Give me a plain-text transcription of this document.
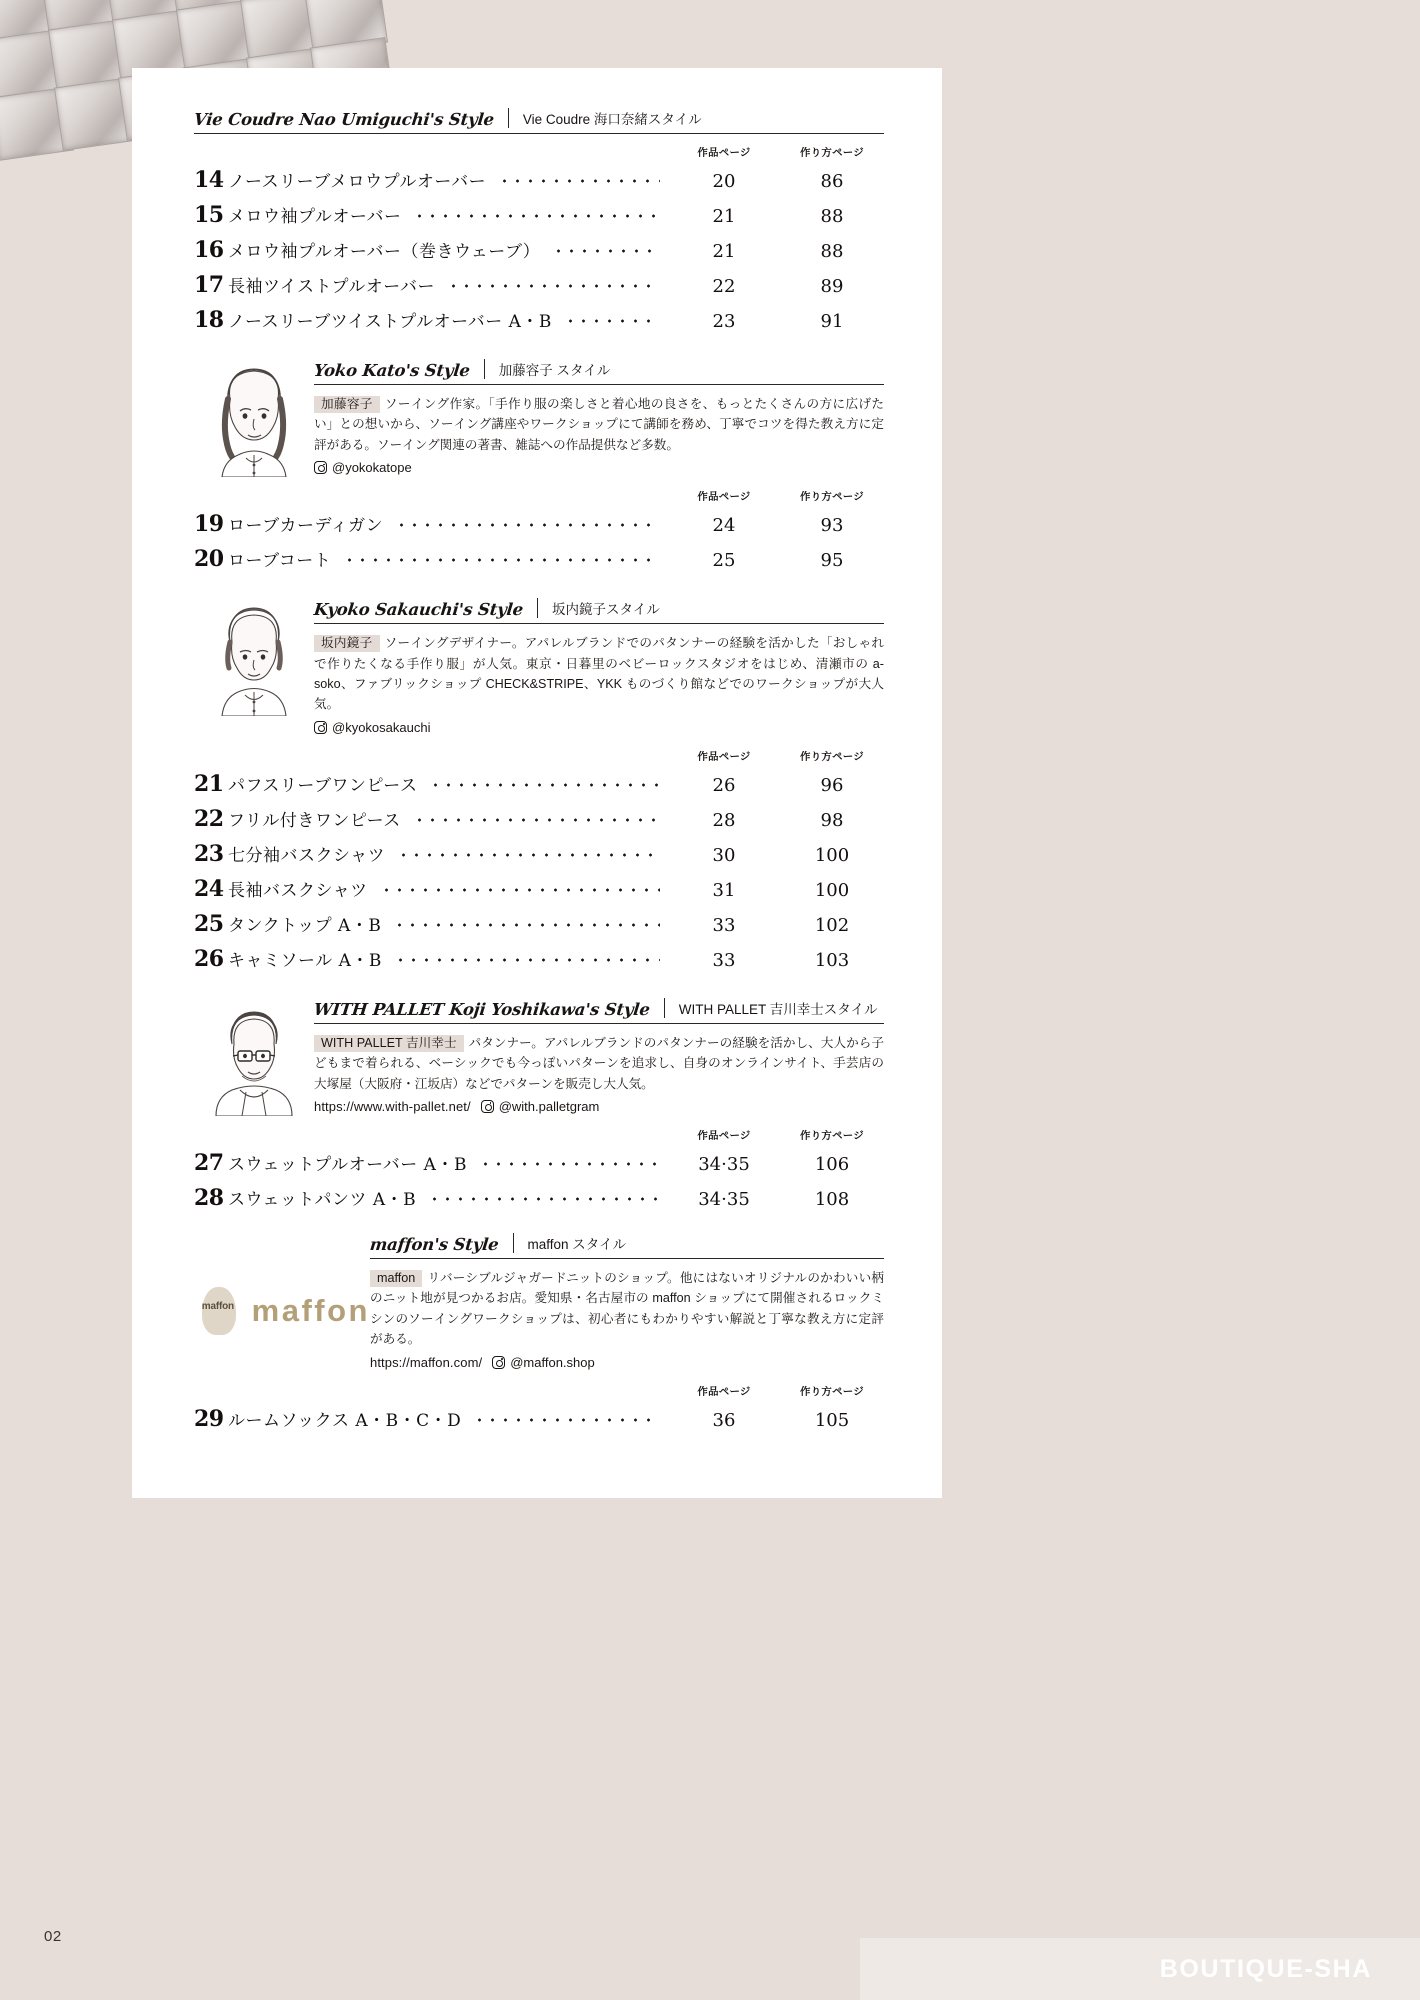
Vie Coudre Nao Umiguchi's Style Vie Coudre 海口奈緒スタイル
作品ページ	作り方ページ
14 ノースリーブメロウプルオーバー	20	86
15 メロウ袖プルオーバー	21	88
16 メロウ袖プルオーバー（巻きウェーブ）	21	88
17 長袖ツイストプルオーバー	22	89
18 ノースリーブツイストプルオーバー A・B	23	91
Yoko Kato's Style 加藤容子 スタイル
加藤容子 ソーイング作家。「手作り服の楽しさと着心地の良さを、もっとたくさんの方に広げたい」との想いから、ソーイング講座やワークショップにて講師を務め、丁寧でコツを得た教え方に定評がある。ソーイング関連の著書、雑誌への作品提供など多数。
@yokokatope
作品ページ	作り方ページ
19 ローブカーディガン	24	93
20 ローブコート	25	95
Kyoko Sakauchi's Style 坂内鏡子スタイル
坂内鏡子 ソーイングデザイナー。アパレルブランドでのパタンナーの経験を活かした「おしゃれで作りたくなる手作り服」が人気。東京・日暮里のベビーロックスタジオをはじめ、清瀬市の a-soko、ファブリックショップ CHECK&STRIPE、YKK ものづくり館などでのワークショップが大人気。
@kyokosakauchi
作品ページ	作り方ページ
21 パフスリーブワンピース	26	96
22 フリル付きワンピース	28	98
23 七分袖バスクシャツ	30	100
24 長袖バスクシャツ	31	100
25 タンクトップ A・B	33	102
26 キャミソール A・B	33	103
WITH PALLET Koji Yoshikawa's Style WITH PALLET 吉川幸士スタイル
WITH PALLET 吉川幸士 パタンナー。アパレルブランドのパタンナーの経験を活かし、大人から子どもまで着られる、ベーシックでも今っぽいパターンを追求し、自身のオンラインサイト、手芸店の大塚屋（大阪府・江坂店）などでパターンを販売し大人気。
https://www.with-pallet.net/ @with.palletgram
作品ページ	作り方ページ
27 スウェットプルオーバー A・B	34·35	106
28 スウェットパンツ A・B	34·35	108
maffon maffon
maffon's Style maffon スタイル
maffon リバーシブルジャガードニットのショップ。他にはないオリジナルのかわいい柄のニット地が見つかるお店。愛知県・名古屋市の maffon ショップにて開催されるロックミシンのソーイングワークショップは、初心者にもわかりやすい解説と丁寧な教え方に定評がある。
https://maffon.com/ @maffon.shop
作品ページ	作り方ページ
29 ルームソックス A・B・C・D	36	105
02
BOUTIQUE-SHA
